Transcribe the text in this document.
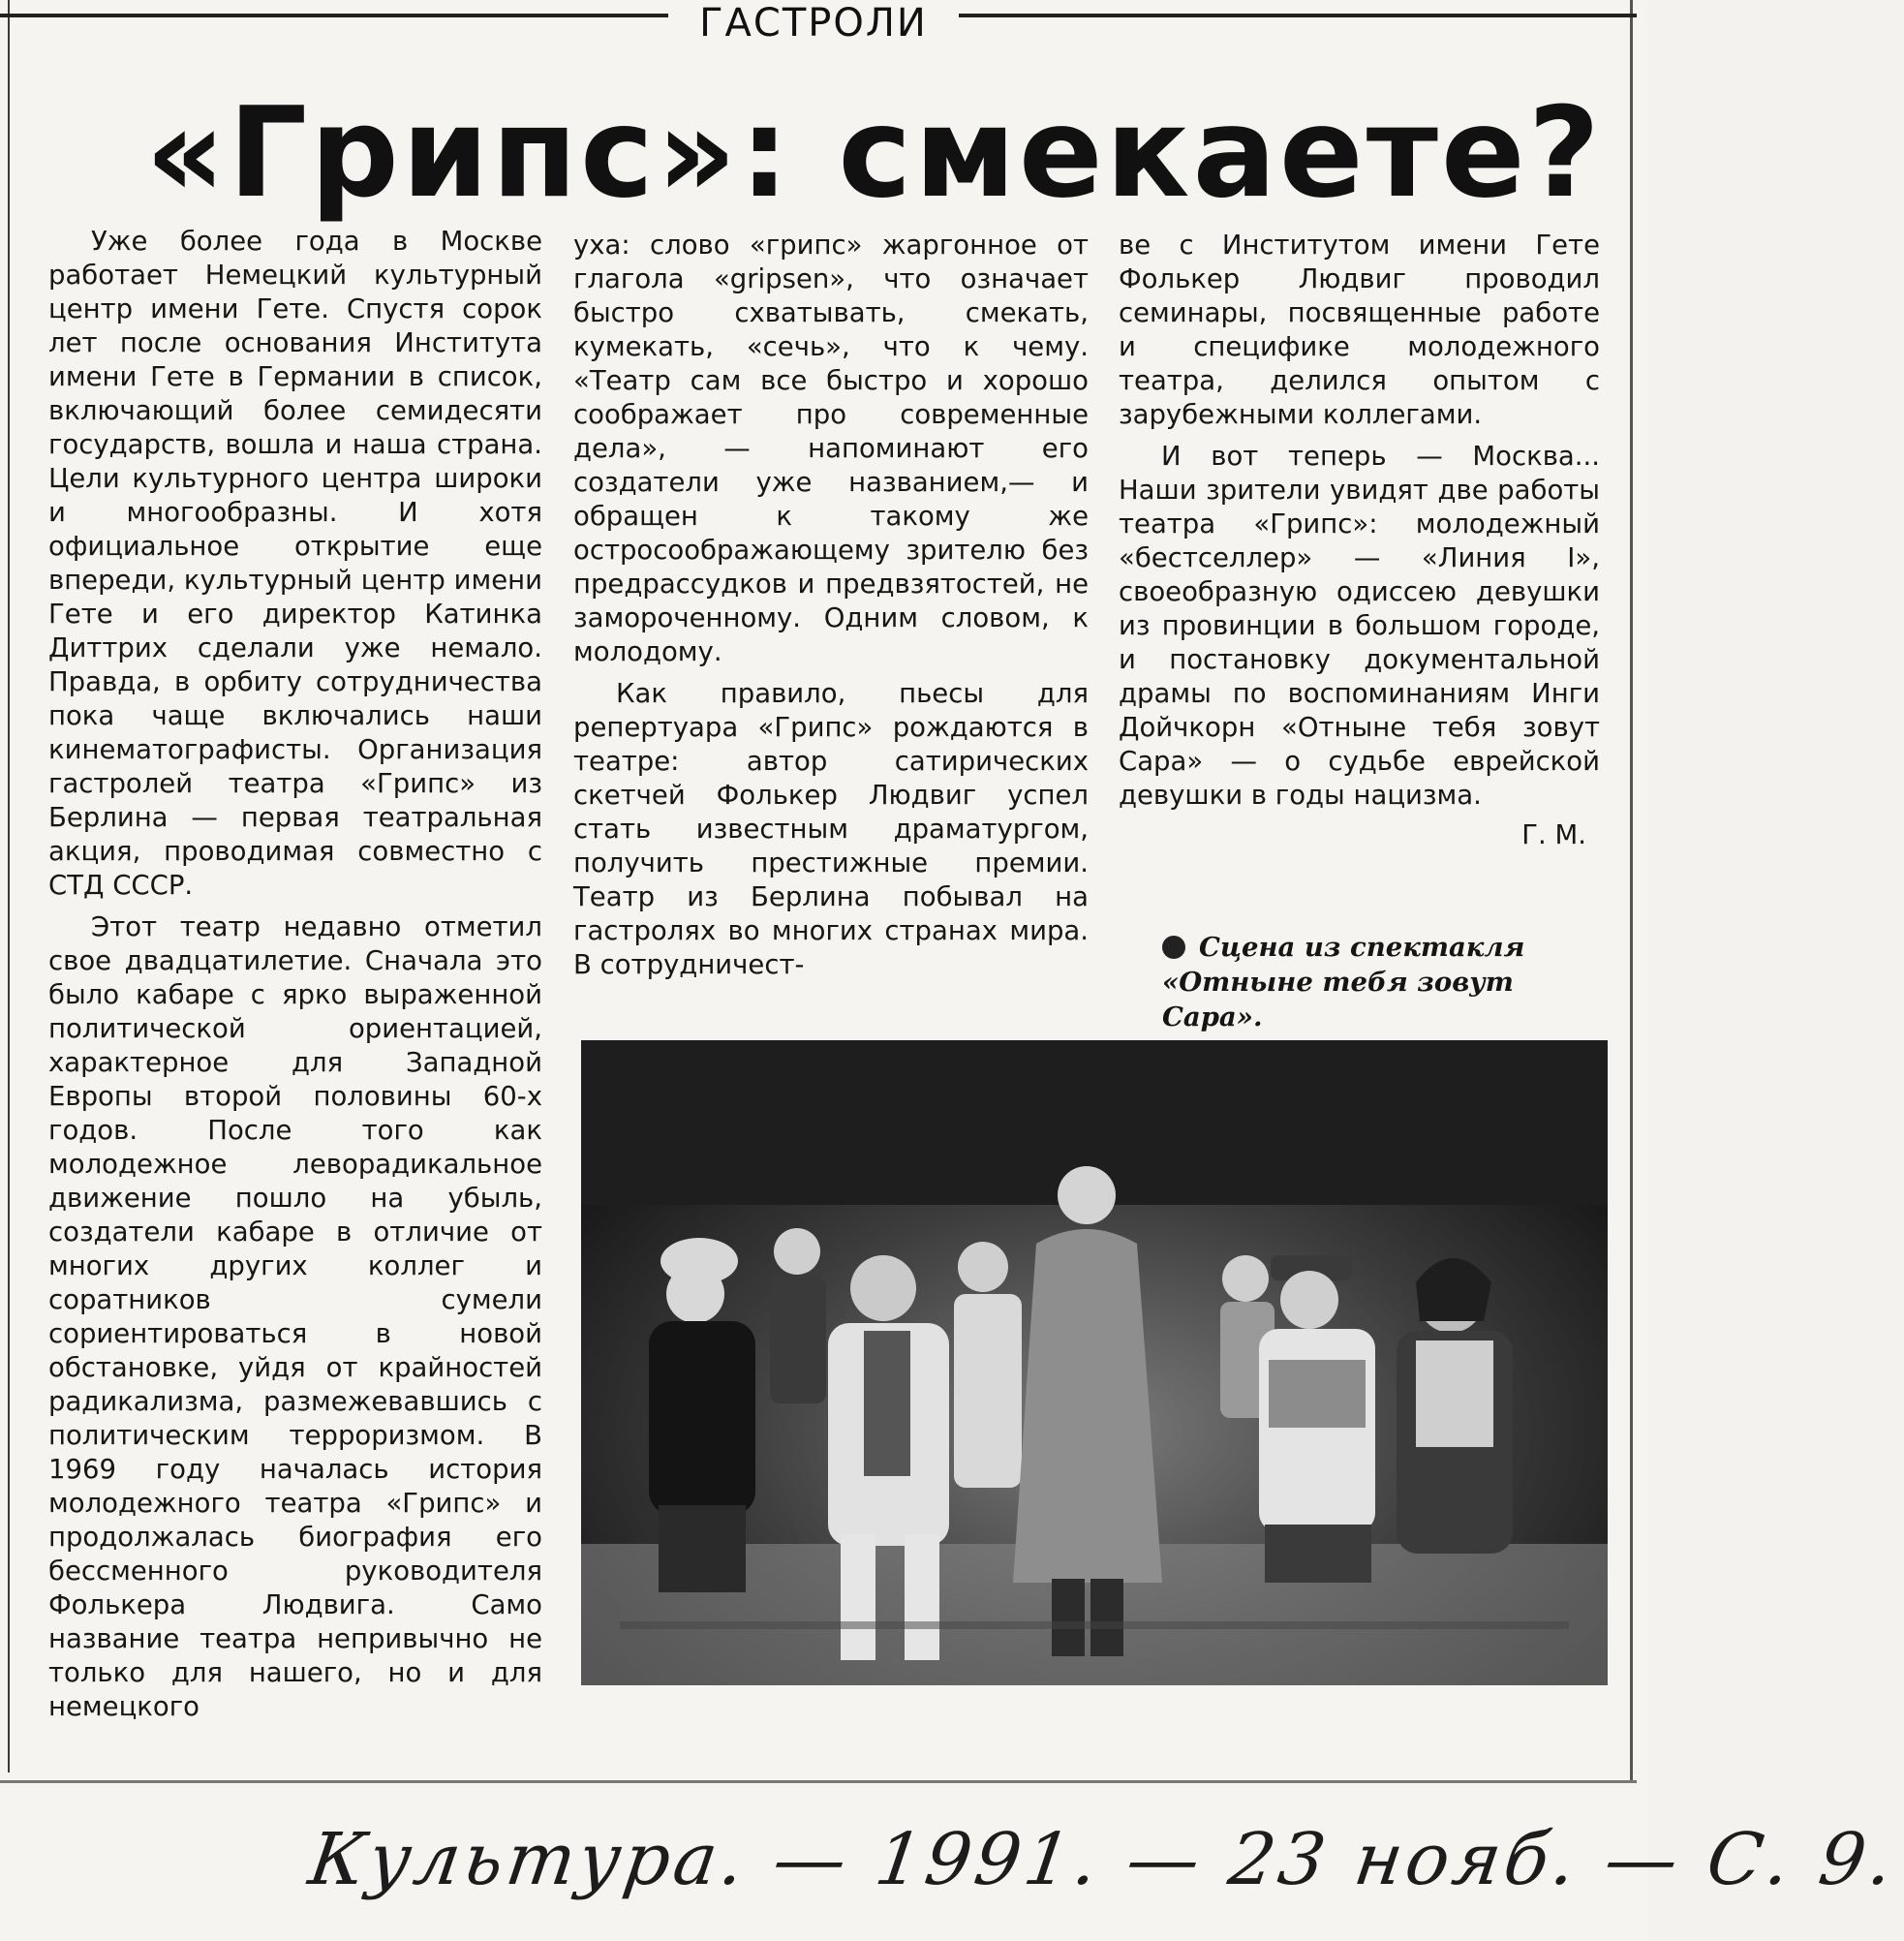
ГАСТРОЛИ
«Грипс»: смекаете?

Уже более года в Москве работает Немецкий культурный центр имени Гете. Спустя сорок лет после основания Института имени Гете в Германии в список, включающий более семидесяти государств, вошла и наша страна. Цели культурного центра широки и многообразны. И хотя официальное открытие еще впереди, культурный центр имени Гете и его директор Катинка Диттрих сделали уже немало. Правда, в орбиту сотрудничества пока чаще включались наши кинематографисты. Организация гастролей театра «Грипс» из Берлина — первая театральная акция, проводимая совместно с СТД СССР.

Этот театр недавно отметил свое двадцатилетие. Сначала это было кабаре с ярко выраженной политической ориентацией, характерное для Западной Европы второй половины 60-х годов. После того как молодежное леворадикальное движение пошло на убыль, создатели кабаре в отличие от многих других коллег и соратников сумели сориентироваться в новой обстановке, уйдя от крайностей радикализма, размежевавшись с политическим терроризмом. В 1969 году началась история молодежного театра «Грипс» и продолжалась биография его бессменного руководителя Фолькера Людвига. Само название театра непривычно не только для нашего, но и для немецкого

уха: слово «грипс» жаргонное от глагола «gripsen», что означает быстро схватывать, смекать, кумекать, «сечь», что к чему. «Театр сам все быстро и хорошо соображает про современные дела», — напоминают его создатели уже названием,— и обращен к такому же остросоображающему зрителю без предрассудков и предвзятостей, не замороченному. Одним словом, к молодому.

Как правило, пьесы для репертуара «Грипс» рождаются в театре: автор сатирических скетчей Фолькер Людвиг успел стать известным драматургом, получить престижные премии. Театр из Берлина побывал на гастролях во многих странах мира. В сотрудничест-

ве с Институтом имени Гете Фолькер Людвиг проводил семинары, посвященные работе и специфике молодежного театра, делился опытом с зарубежными коллегами.

И вот теперь — Москва... Наши зрители увидят две работы театра «Грипс»: молодежный «бестселлер» — «Линия I», своеобразную одиссею девушки из провинции в большом городе, и постановку документальной драмы по воспоминаниям Инги Дойчкорн «Отныне тебя зовут Сара» — о судьбе еврейской девушки в годы нацизма.

Г. М.

Сцена из спектакля «Отныне тебя зовут Сара».
Культура. — 1991. — 23 нояб. — С. 9.
